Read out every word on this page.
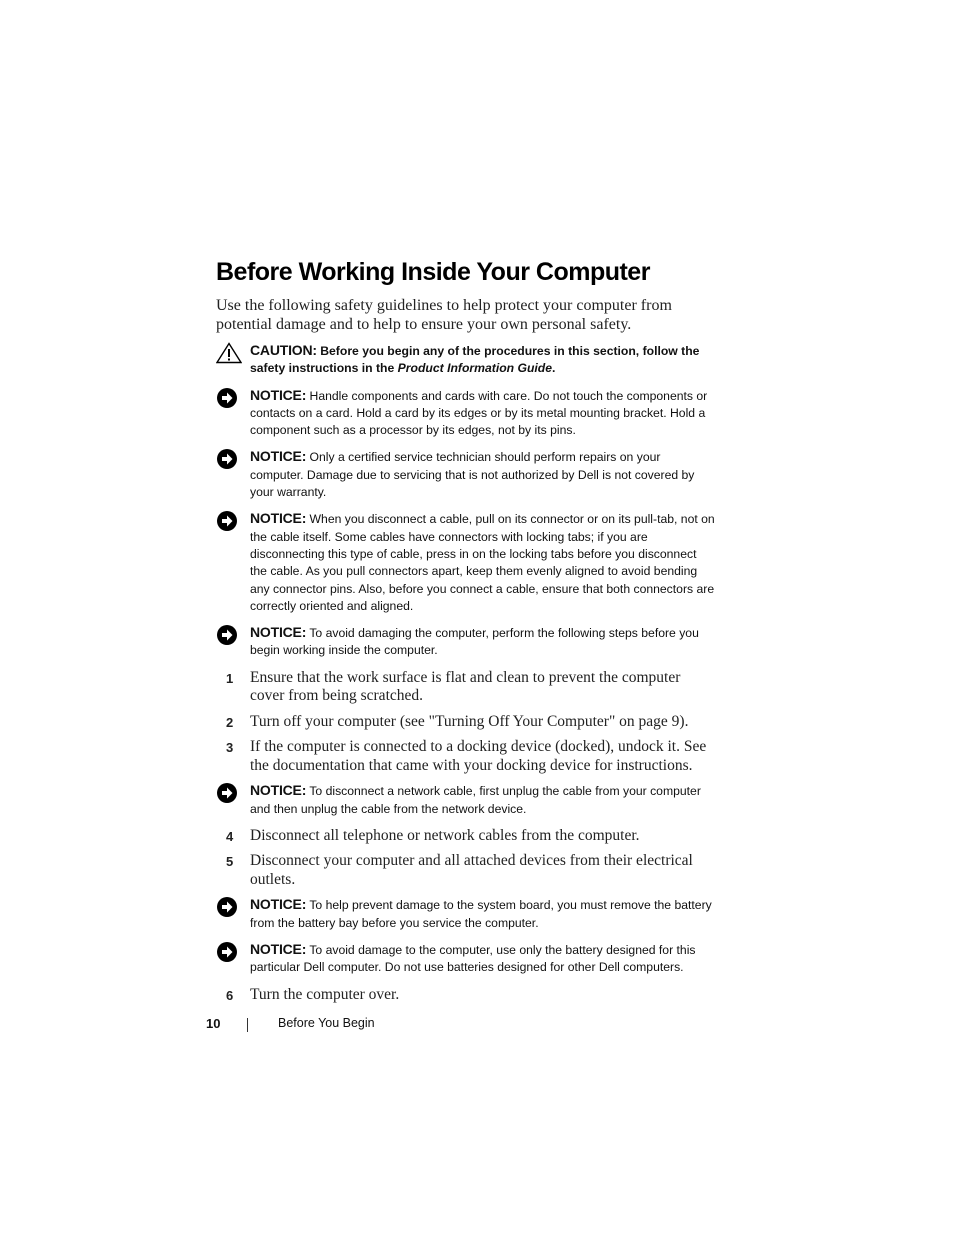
Before Working Inside Your Computer

Use the following safety guidelines to help protect your computer from potential damage and to help to ensure your own personal safety.

CAUTION: Before you begin any of the procedures in this section, follow the safety instructions in the Product Information Guide.
NOTICE: Handle components and cards with care. Do not touch the components or contacts on a card. Hold a card by its edges or by its metal mounting bracket. Hold a component such as a processor by its edges, not by its pins.
NOTICE: Only a certified service technician should perform repairs on your computer. Damage due to servicing that is not authorized by Dell is not covered by your warranty.
NOTICE: When you disconnect a cable, pull on its connector or on its pull-tab, not on the cable itself. Some cables have connectors with locking tabs; if you are disconnecting this type of cable, press in on the locking tabs before you disconnect the cable. As you pull connectors apart, keep them evenly aligned to avoid bending any connector pins. Also, before you connect a cable, ensure that both connectors are correctly oriented and aligned.
NOTICE: To avoid damaging the computer, perform the following steps before you begin working inside the computer.
1 Ensure that the work surface is flat and clean to prevent the computer cover from being scratched.
2 Turn off your computer (see "Turning Off Your Computer" on page 9).
3 If the computer is connected to a docking device (docked), undock it. See the documentation that came with your docking device for instructions.
NOTICE: To disconnect a network cable, first unplug the cable from your computer and then unplug the cable from the network device.
4 Disconnect all telephone or network cables from the computer.
5 Disconnect your computer and all attached devices from their electrical outlets.
NOTICE: To help prevent damage to the system board, you must remove the battery from the battery bay before you service the computer.
NOTICE: To avoid damage to the computer, use only the battery designed for this particular Dell computer. Do not use batteries designed for other Dell computers.
6 Turn the computer over.
10	Before You Begin
